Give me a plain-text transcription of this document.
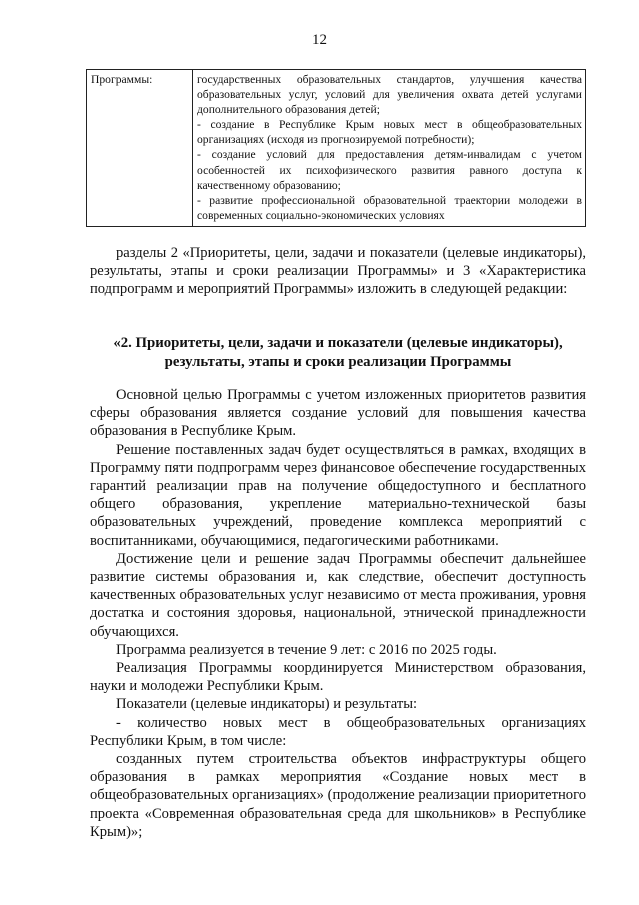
12
Программы:	государственных образовательных стандартов, улучшения качества образовательных услуг, условий для увеличения охвата детей услугами дополнительного образования детей;
- создание в Республике Крым новых мест в общеобразовательных организациях (исходя из прогнозируемой потребности);
- создание условий для предоставления детям-инвалидам с учетом особенностей их психофизического развития равного доступа к качественному образованию;
- развитие профессиональной образовательной траектории молодежи в современных социально-экономических условиях

разделы 2 «Приоритеты, цели, задачи и показатели (целевые индикаторы), результаты, этапы и сроки реализации Программы» и 3 «Характеристика подпрограмм и мероприятий Программы» изложить в следующей редакции:

«2. Приоритеты, цели, задачи и показатели (целевые индикаторы), результаты, этапы и сроки реализации Программы

Основной целью Программы с учетом изложенных приоритетов развития сферы образования является создание условий для повышения качества образования в Республике Крым.

Решение поставленных задач будет осуществляться в рамках, входящих в Программу пяти подпрограмм через финансовое обеспечение государственных гарантий реализации прав на получение общедоступного и бесплатного общего образования, укрепление материально-технической базы образовательных учреждений, проведение комплекса мероприятий с воспитанниками, обучающимися, педагогическими работниками.

Достижение цели и решение задач Программы обеспечит дальнейшее развитие системы образования и, как следствие, обеспечит доступность качественных образовательных услуг независимо от места проживания, уровня достатка и состояния здоровья, национальной, этнической принадлежности обучающихся.

Программа реализуется в течение 9 лет: с 2016 по 2025 годы.

Реализация Программы координируется Министерством образования, науки и молодежи Республики Крым.

Показатели (целевые индикаторы) и результаты:

- количество новых мест в общеобразовательных организациях Республики Крым, в том числе:

созданных путем строительства объектов инфраструктуры общего образования в рамках мероприятия «Создание новых мест в общеобразовательных организациях» (продолжение реализации приоритетного проекта «Современная образовательная среда для школьников» в Республике Крым)»;
